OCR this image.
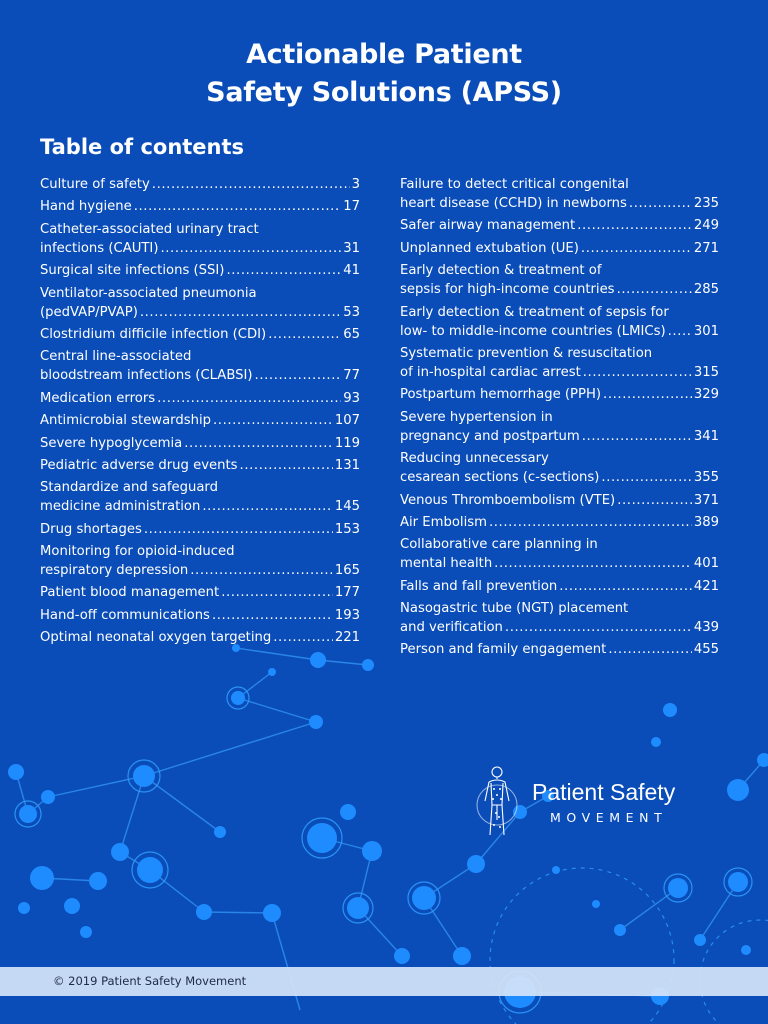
Actionable Patient
Safety Solutions (APSS)
Table of contents
Culture of safety .....	3
Hand hygiene .....	17
Catheter-associated urinary tract
infections (CAUTI) .....	31
Surgical site infections (SSI) .....	41
Ventilator-associated pneumonia
(pedVAP/PVAP) .....	53
Clostridium difficile infection (CDI) .....	65
Central line-associated
bloodstream infections (CLABSI) .....	77
Medication errors .....	93
Antimicrobial stewardship .....	107
Severe hypoglycemia .....	119
Pediatric adverse drug events .....	131
Standardize and safeguard
medicine administration .....	145
Drug shortages .....	153
Monitoring for opioid-induced
respiratory depression .....	165
Patient blood management .....	177
Hand-off communications .....	193
Optimal neonatal oxygen targeting .....	221
Failure to detect critical congenital
heart disease (CCHD) in newborns .....	235
Safer airway management .....	249
Unplanned extubation (UE) .....	271
Early detection & treatment of
sepsis for high-income countries .....	285
Early detection & treatment of sepsis for
low- to middle-income countries (LMICs) ..... 301
Systematic prevention & resuscitation
of in-hospital cardiac arrest .....	315
Postpartum hemorrhage (PPH) .....	329
Severe hypertension in
pregnancy and postpartum .....	341
Reducing unnecessary
cesarean sections (c-sections) .....	355
Venous Thromboembolism (VTE) .....	371
Air Embolism .....	389
Collaborative care planning in
mental health .....	401
Falls and fall prevention .....	421
Nasogastric tube (NGT) placement
and verification .....	439
Person and family engagement .....	455
Patient Safety
MOVEMENT
© 2019 Patient Safety Movement
